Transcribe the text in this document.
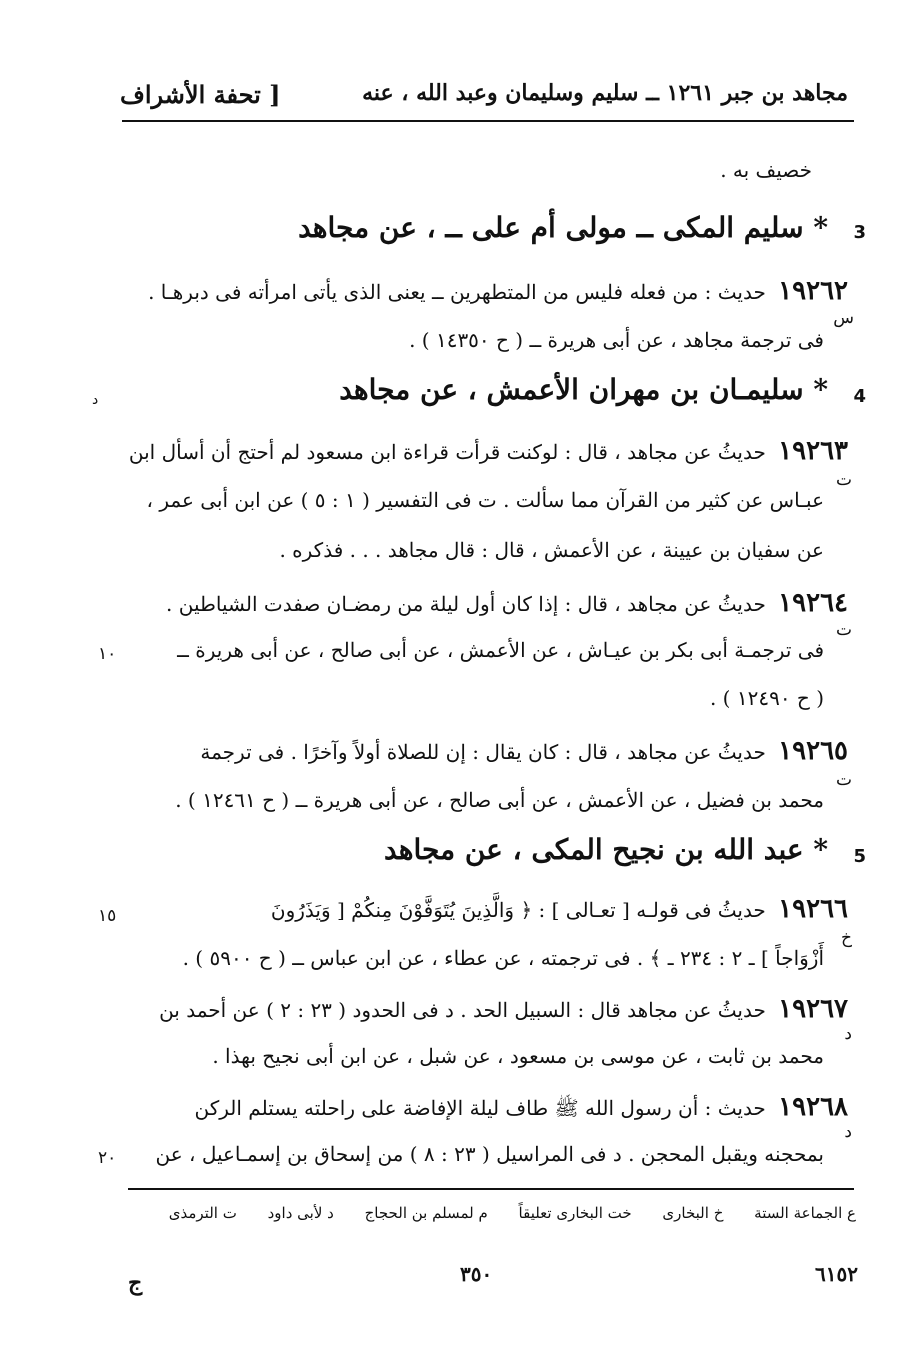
مجاهد بن جبر ۱۲٦۱ ــ سليم وسليمان وعبد الله ، عنه
[ تحفة الأشراف
خصيف به .
3
* سليم المكى ــ مولى أم على ــ ، عن مجاهد
١٩٢٦٢ حديث : من فعله فليس من المتطهرين ــ يعنى الذى يأتى امرأته فى دبرهـا .
س
فى ترجمة مجاهد ، عن أبى هريرة ــ ( ح ١٤٣٥٠ ) .
4
* سليمـان بن مهران الأعمش ، عن مجاهد
د
١٩٢٦٣ حديثُ عن مجاهد ، قال : لوكنت قرأت قراءة ابن مسعود لم أحتج أن أسأل ابن
ت
عبـاس عن كثير من القرآن مما سألت . ت فى التفسير ( ١ : ٥ ) عن ابن أبى عمر ،
عن سفيان بن عيينة ، عن الأعمش ، قال : قال مجاهد . . . فذكره .
١٩٢٦٤ حديثُ عن مجاهد ، قال : إذا كان أول ليلة من رمضـان صفدت الشياطين .
ت
فى ترجمـة أبى بكر بن عيـاش ، عن الأعمش ، عن أبى صالح ، عن أبى هريرة ــ
١٠
( ح ١٢٤٩٠ ) .
١٩٢٦٥ حديثُ عن مجاهد ، قال : كان يقال : إن للصلاة أولاً وآخرًا . فى ترجمة
ت
محمد بن فضيل ، عن الأعمش ، عن أبى صالح ، عن أبى هريرة ــ ( ح ١٢٤٦١ ) .
5
* عبد الله بن نجيح المكى ، عن مجاهد
١٩٢٦٦ حديثُ فى قولـه [ تعـالى ] : ﴿ وَالَّذِينَ يُتَوَفَّوْنَ مِنكُمْ [ وَيَذَرُونَ
١٥
خ
أَزْوَاجاً ] ـ ٢ : ٢٣٤ ـ ﴾ . فى ترجمته ، عن عطاء ، عن ابن عباس ــ ( ح ٥٩٠٠ ) .
١٩٢٦٧ حديثُ عن مجاهد قال : السبيل الحد . د فى الحدود ( ٢٣ : ٢ ) عن أحمد بن
د
محمد بن ثابت ، عن موسى بن مسعود ، عن شبل ، عن ابن أبى نجيح بهذا .
١٩٢٦٨ حديث : أن رسول الله ﷺ طاف ليلة الإفاضة على راحلته يستلم الركن
د
بمحجنه ويقبل المحجن . د فى المراسيل ( ٢٣ : ٨ ) من إسحاق بن إسمـاعيل ، عن
٢٠
ع الجماعة الستة خ البخارى خت البخارى تعليقاً م لمسلم بن الحجاج د لأبى داود ت الترمذى
٦١٥٢
٣٥٠
ج
